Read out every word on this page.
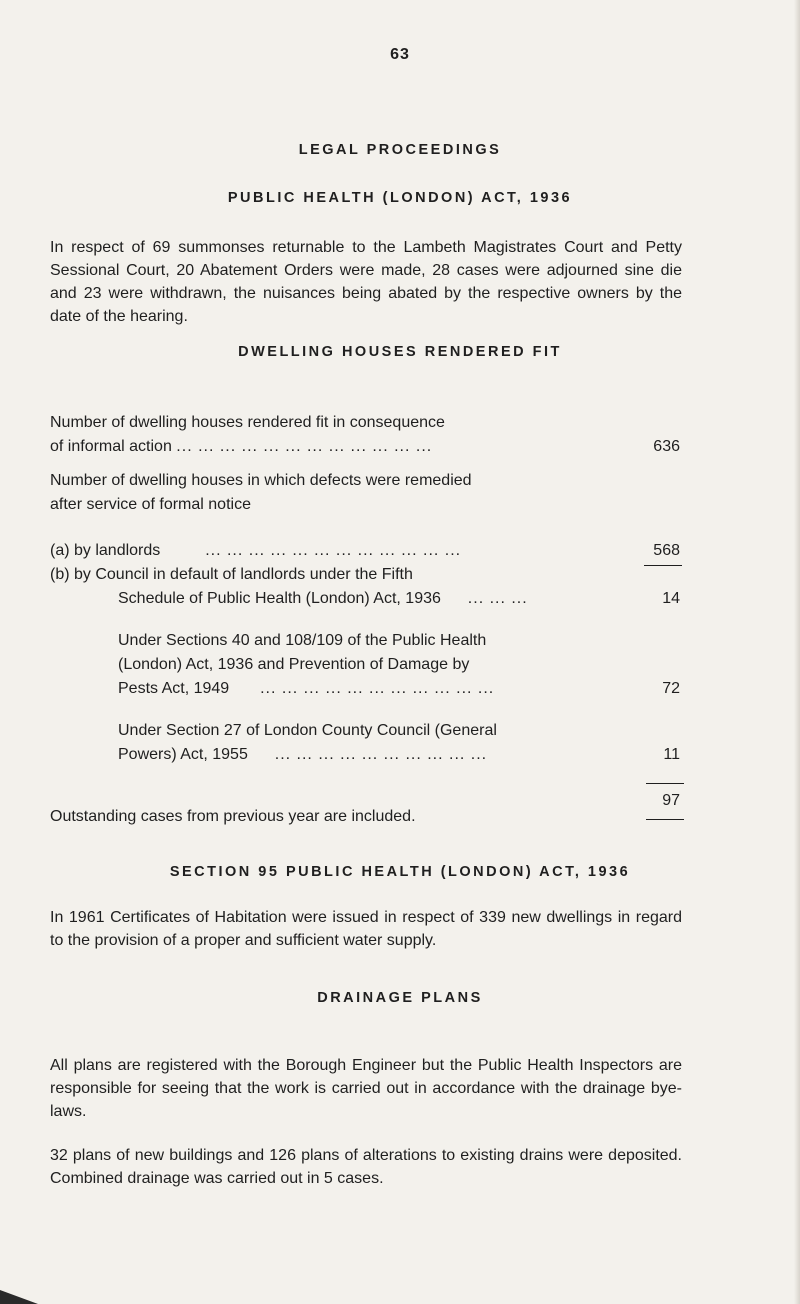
63
LEGAL PROCEEDINGS
PUBLIC HEALTH (LONDON) ACT, 1936
In respect of 69 summonses returnable to the Lambeth Magistrates Court and Petty Sessional Court, 20 Abatement Orders were made, 28 cases were adjourned sine die and 23 were withdrawn, the nuisances being abated by the respective owners by the date of the hearing.
DWELLING HOUSES RENDERED FIT
Number of dwelling houses rendered fit in consequence
of informal action ... ... ... ... ... ... ... ... ... ... ... ...	636
Number of dwelling houses in which defects were remedied
after service of formal notice
(a) by landlords	... ... ... ... ... ... ... ... ... ... ... ...	568
(b) by Council in default of landlords under the Fifth
Schedule of Public Health (London) Act, 1936 ... ... ...	14
Under Sections 40 and 108/109 of the Public Health
(London) Act, 1936 and Prevention of Damage by
Pests Act, 1949 ... ... ... ... ... ... ... ... ... ... ...	72
Under Section 27 of London County Council (General
Powers) Act, 1955 ... ... ... ... ... ... ... ... ... ...	11
97
Outstanding cases from previous year are included.
SECTION 95 PUBLIC HEALTH (LONDON) ACT, 1936
In 1961 Certificates of Habitation were issued in respect of 339 new dwellings in regard to the provision of a proper and sufficient water supply.
DRAINAGE PLANS
All plans are registered with the Borough Engineer but the Public Health Inspectors are responsible for seeing that the work is carried out in accordance with the drainage bye-laws.
32 plans of new buildings and 126 plans of alterations to existing drains were deposited. Combined drainage was carried out in 5 cases.
